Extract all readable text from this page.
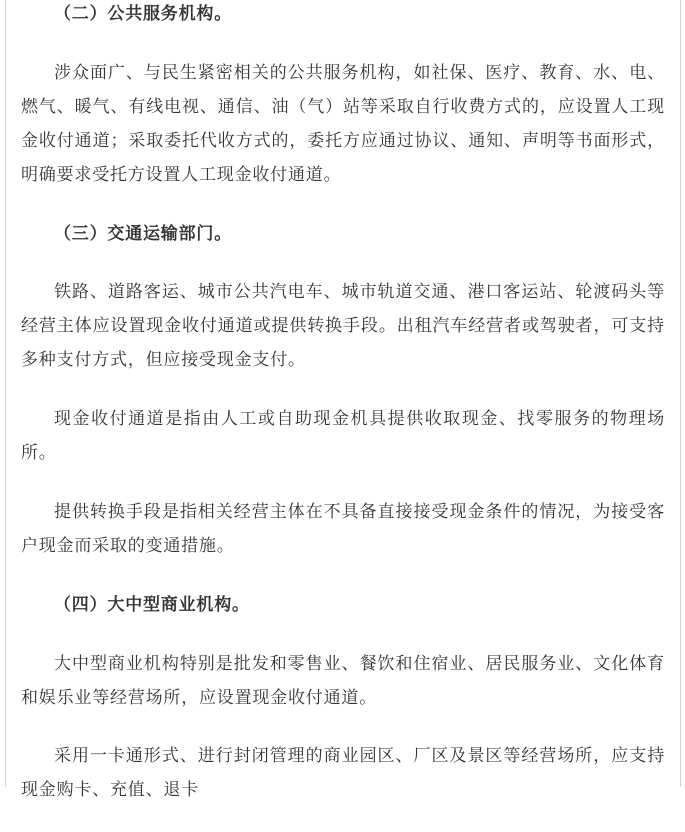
（二）公共服务机构。
涉众面广、与民生紧密相关的公共服务机构，如社保、医疗、教育、水、电、
燃气、暖气、有线电视、通信、油（气）站等采取自行收费方式的，应设置人工现
金收付通道；采取委托代收方式的，委托方应通过协议、通知、声明等书面形式，
明确要求受托方设置人工现金收付通道。
（三）交通运输部门。
铁路、道路客运、城市公共汽电车、城市轨道交通、港口客运站、轮渡码头等
经营主体应设置现金收付通道或提供转换手段。出租汽车经营者或驾驶者，可支持
多种支付方式，但应接受现金支付。
现金收付通道是指由人工或自助现金机具提供收取现金、找零服务的物理场
所。
提供转换手段是指相关经营主体在不具备直接接受现金条件的情况，为接受客
户现金而采取的变通措施。
（四）大中型商业机构。
大中型商业机构特别是批发和零售业、餐饮和住宿业、居民服务业、文化体育
和娱乐业等经营场所，应设置现金收付通道。
采用一卡通形式、进行封闭管理的商业园区、厂区及景区等经营场所，应支持
现金购卡、充值、退卡
